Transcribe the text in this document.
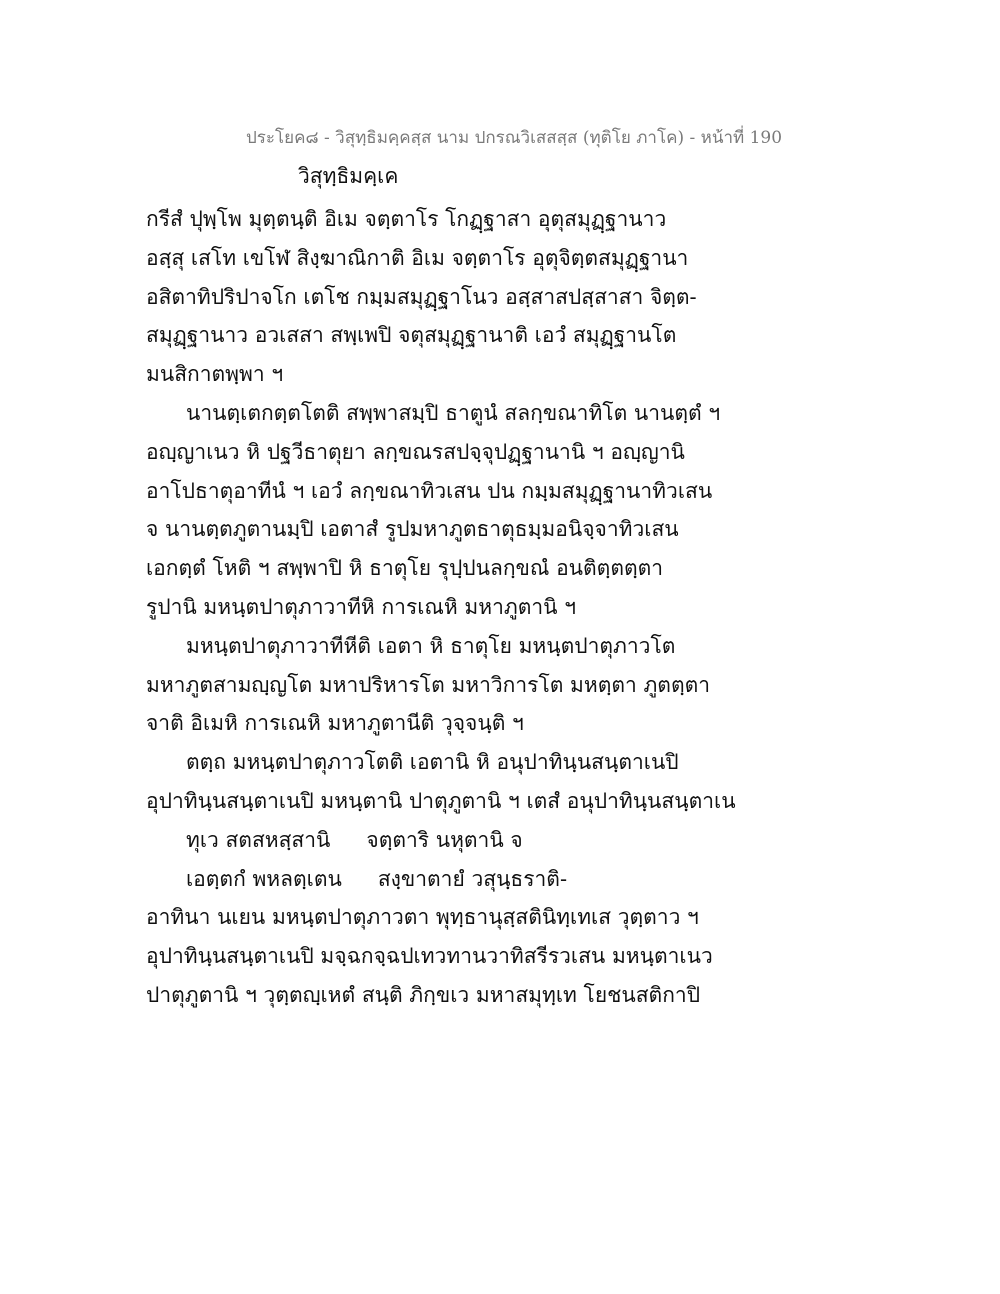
ประโยค๘ - วิสุทฺธิมคฺคสฺส นาม ปกรณวิเสสสฺส (ทุติโย ภาโค) - หน้าที่ 190
วิสุทฺธิมคฺเค
กรีสํ ปุพฺโพ มุตฺตนฺติ อิเม จตฺตาโร โกฏฺฐาสา อุตุสมุฏฺฐานาว
อสฺสุ เสโท เขโฬ สิงฺฆาณิกาติ อิเม จตฺตาโร อุตุจิตฺตสมุฏฺฐานา
อสิตาทิปริปาจโก เตโช กมฺมสมุฏฺฐาโนว อสฺสาสปสฺสาสา จิตฺต-
สมุฏฺฐานาว อวเสสา สพฺเพปิ จตุสมุฏฺฐานาติ เอวํ สมุฏฺฐานโต
มนสิกาตพฺพา ฯ
นานตฺเตกตฺตโตติ สพฺพาสมฺปิ ธาตูนํ สลกฺขณาทิโต นานตฺตํ ฯ
อญฺญาเนว หิ ปฐวีธาตุยา ลกฺขณรสปจฺจุปฏฺฐานานิ ฯ อญฺญานิ
อาโปธาตุอาทีนํ ฯ เอวํ ลกฺขณาทิวเสน ปน กมฺมสมุฏฺฐานาทิวเสน
จ นานตฺตภูตานมฺปิ เอตาสํ รูปมหาภูตธาตุธมฺมอนิจฺจาทิวเสน
เอกตฺตํ โหติ ฯ สพฺพาปิ หิ ธาตุโย รุปฺปนลกฺขณํ อนติตฺตตฺตา
รูปานิ มหนฺตปาตุภาวาทีหิ การเณหิ มหาภูตานิ ฯ
มหนฺตปาตุภาวาทีหีติ เอตา หิ ธาตุโย มหนฺตปาตุภาวโต
มหาภูตสามญฺญโต มหาปริหารโต มหาวิการโต มหตฺตา ภูตตฺตา
จาติ อิเมหิ การเณหิ มหาภูตานีติ วุจฺจนฺติ ฯ
ตตฺถ มหนฺตปาตุภาวโตติ เอตานิ หิ อนุปาทินฺนสนฺตาเนปิ
อุปาทินฺนสนฺตาเนปิ มหนฺตานิ ปาตุภูตานิ ฯ เตสํ อนุปาทินฺนสนฺตาเน
ทุเว สตสหสฺสานิ จตฺตาริ นหุตานิ จ
เอตฺตกํ พหลตฺเตน สงฺขาตายํ วสุนฺธราติ-
อาทินา นเยน มหนฺตปาตุภาวตา พุทฺธานุสฺสตินิทฺเทเส วุตฺตาว ฯ
อุปาทินฺนสนฺตาเนปิ มจฺฉกจฺฉปเทวทานวาทิสรีรวเสน มหนฺตาเนว
ปาตุภูตานิ ฯ วุตฺตญฺเหตํ สนฺติ ภิกฺขเว มหาสมุทฺเท โยชนสติกาปิ
